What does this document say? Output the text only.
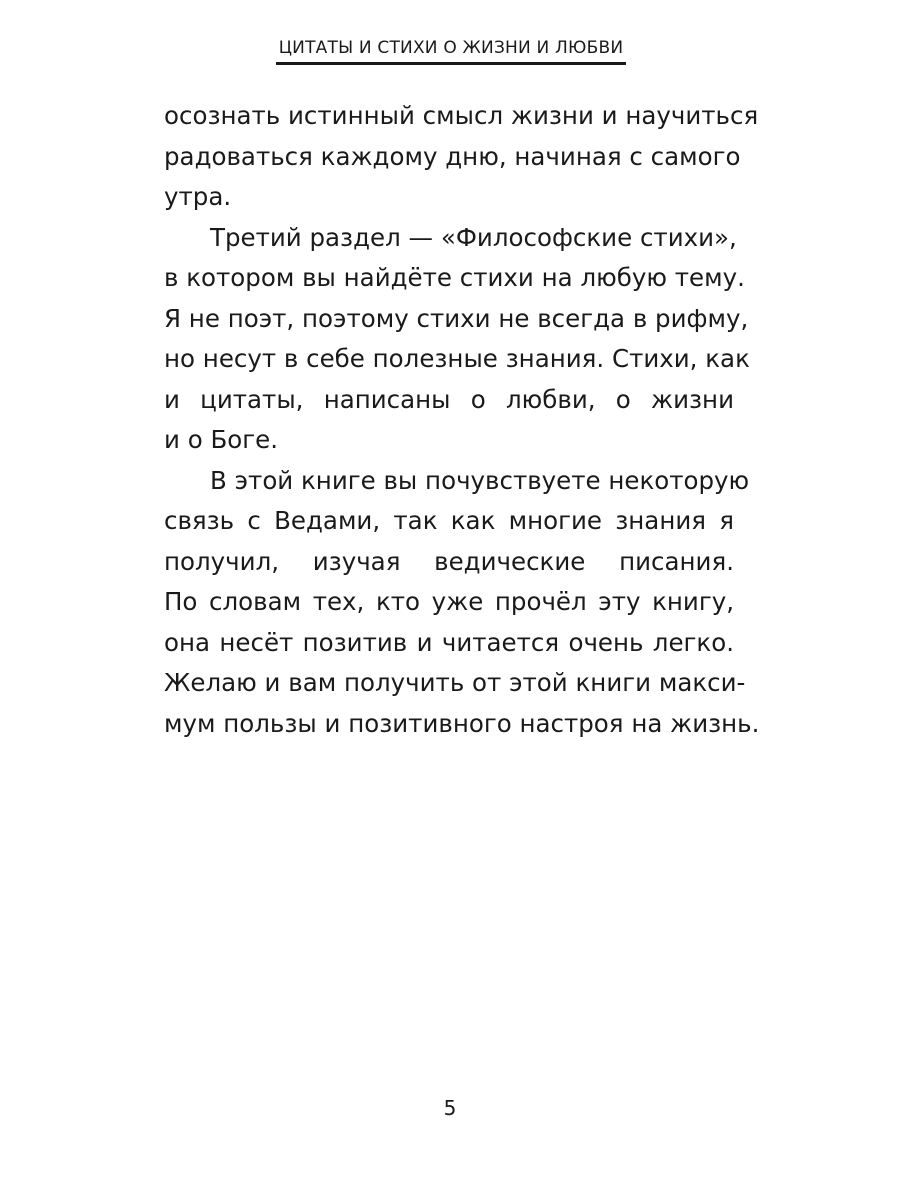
ЦИТАТЫ И СТИХИ О ЖИЗНИ И ЛЮБВИ
осознать истинный смысл жизни и научиться
радоваться каждому дню, начиная с самого
утра.
Третий раздел — «Философские стихи»,
в котором вы найдёте стихи на любую тему.
Я не поэт, поэтому стихи не всегда в рифму,
но несут в себе полезные знания. Стихи, как
и цитаты, написаны о любви, о жизни
и о Боге.
В этой книге вы почувствуете некоторую
связь с Ведами, так как многие знания я
получил, изучая ведические писания.
По словам тех, кто уже прочёл эту книгу,
она несёт позитив и читается очень легко.
Желаю и вам получить от этой книги макси-
мум пользы и позитивного настроя на жизнь.
5
